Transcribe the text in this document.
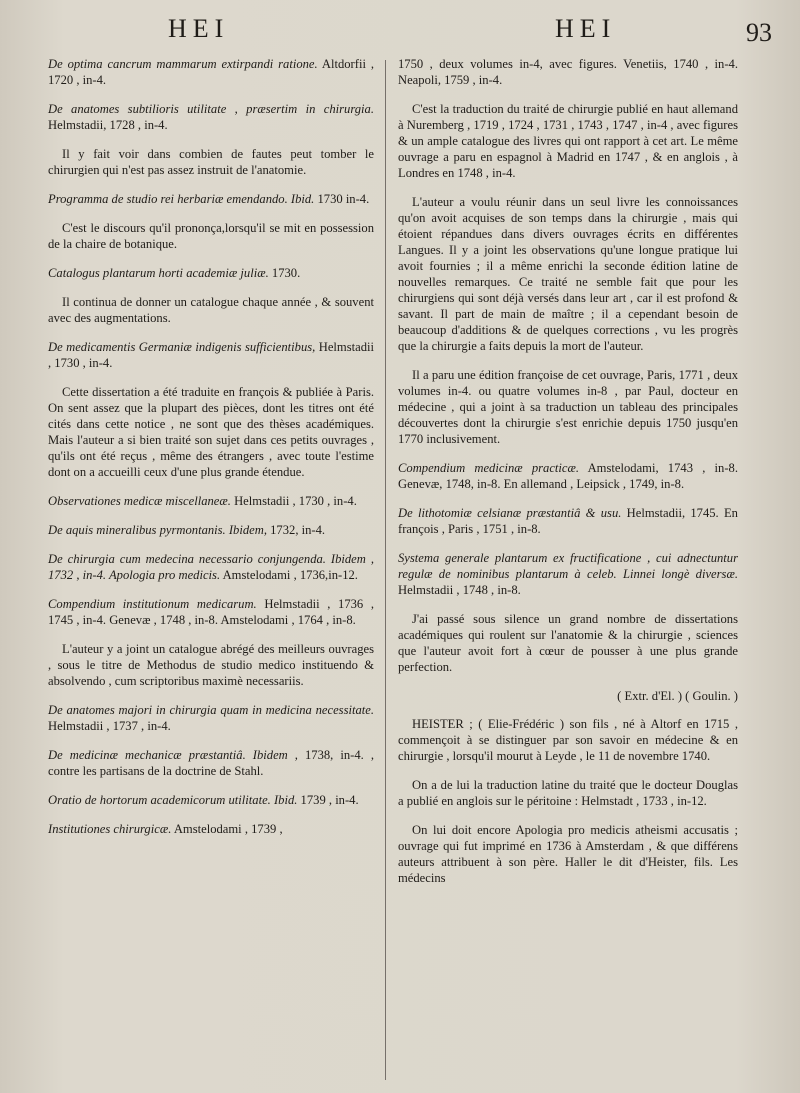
HEI	HEI	93

De optima cancrum mammarum extirpandi ratione. Altdorfii , 1720 , in-4.

De anatomes subtilioris utilitate , præsertim in chirurgia. Helmstadii, 1728 , in-4.

Il y fait voir dans combien de fautes peut tomber le chirurgien qui n'est pas assez instruit de l'anatomie.

Programma de studio rei herbariæ emendando. Ibid. 1730 in-4.

C'est le discours qu'il prononça,lorsqu'il se mit en possession de la chaire de botanique.

Catalogus plantarum horti academiæ juliæ. 1730.

Il continua de donner un catalogue chaque année , & souvent avec des augmentations.

De medicamentis Germaniæ indigenis sufficientibus, Helmstadii , 1730 , in-4.

Cette dissertation a été traduite en françois & publiée à Paris. On sent assez que la plupart des pièces, dont les titres ont été cités dans cette notice , ne sont que des thèses académiques. Mais l'auteur a si bien traité son sujet dans ces petits ouvrages , qu'ils ont été reçus , même des étrangers , avec toute l'estime dont on a accueilli ceux d'une plus grande étendue.

Observationes medicæ miscellaneæ. Helmstadii , 1730 , in-4.

De aquis mineralibus pyrmontanis. Ibidem, 1732, in-4.

De chirurgia cum medecina necessario conjungenda. Ibidem , 1732 , in-4. Apologia pro medicis. Amstelodami , 1736,in-12.

Compendium institutionum medicarum. Helmstadii , 1736 , 1745 , in-4. Genevæ , 1748 , in-8. Amstelodami , 1764 , in-8.

L'auteur y a joint un catalogue abrégé des meilleurs ouvrages , sous le titre de Methodus de studio medico instituendo & absolvendo , cum scriptoribus maximè necessariis.

De anatomes majori in chirurgia quam in medicina necessitate. Helmstadii , 1737 , in-4.

De medicinæ mechanicæ præstantiâ. Ibidem , 1738, in-4. , contre les partisans de la doctrine de Stahl.

Oratio de hortorum academicorum utilitate. Ibid. 1739 , in-4.

Institutiones chirurgicæ. Amstelodami , 1739 ,

1750 , deux volumes in-4, avec figures. Venetiis, 1740 , in-4. Neapoli, 1759 , in-4.

C'est la traduction du traité de chirurgie publié en haut allemand à Nuremberg , 1719 , 1724 , 1731 , 1743 , 1747 , in-4 , avec figures & un ample catalogue des livres qui ont rapport à cet art. Le même ouvrage a paru en espagnol à Madrid en 1747 , & en anglois , à Londres en 1748 , in-4.

L'auteur a voulu réunir dans un seul livre les connoissances qu'on avoit acquises de son temps dans la chirurgie , mais qui étoient répandues dans divers ouvrages écrits en différentes Langues. Il y a joint les observations qu'une longue pratique lui avoit fournies ; il a même enrichi la seconde édition latine de nouvelles remarques. Ce traité ne semble fait que pour les chirurgiens qui sont déjà versés dans leur art , car il est profond & savant. Il part de main de maître ; il a cependant besoin de beaucoup d'additions & de quelques corrections , vu les progrès que la chirurgie a faits depuis la mort de l'auteur.

Il a paru une édition françoise de cet ouvrage, Paris, 1771 , deux volumes in-4. ou quatre volumes in-8 , par Paul, docteur en médecine , qui a joint à sa traduction un tableau des principales découvertes dont la chirurgie s'est enrichie depuis 1750 jusqu'en 1770 inclusivement.

Compendium medicinæ practicæ. Amstelodami, 1743 , in-8. Genevæ, 1748, in-8. En allemand , Leipsick , 1749, in-8.

De lithotomiæ celsianæ præstantiâ & usu. Helmstadii, 1745. En françois , Paris , 1751 , in-8.

Systema generale plantarum ex fructificatione , cui adnectuntur regulæ de nominibus plantarum à celeb. Linnei longè diversæ. Helmstadii , 1748 , in-8.

J'ai passé sous silence un grand nombre de dissertations académiques qui roulent sur l'anatomie & la chirurgie , sciences que l'auteur avoit fort à cœur de pousser à une plus grande perfection.

( Extr. d'El. ) ( Goulin. )

HEISTER ; ( Elie-Frédéric ) son fils , né à Altorf en 1715 , commençoit à se distinguer par son savoir en médecine & en chirurgie , lorsqu'il mourut à Leyde , le 11 de novembre 1740.

On a de lui la traduction latine du traité que le docteur Douglas a publié en anglois sur le péritoine : Helmstadt , 1733 , in-12.

On lui doit encore Apologia pro medicis atheismi accusatis ; ouvrage qui fut imprimé en 1736 à Amsterdam , & que différens auteurs attribuent à son père. Haller le dit d'Heister, fils. Les médecins
